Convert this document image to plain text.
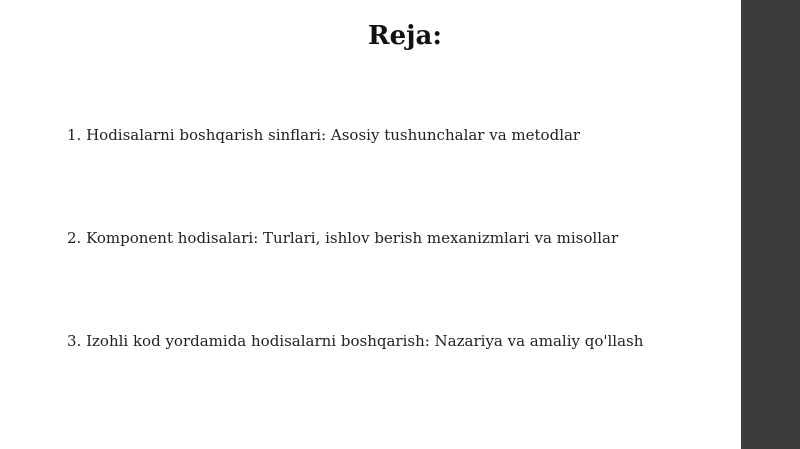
Reja:
1. Hodisalarni boshqarish sinflari: Asosiy tushunchalar va metodlar
2. Komponent hodisalari: Turlari, ishlov berish mexanizmlari va misollar
3. Izohli kod yordamida hodisalarni boshqarish: Nazariya va amaliy qo'llash
